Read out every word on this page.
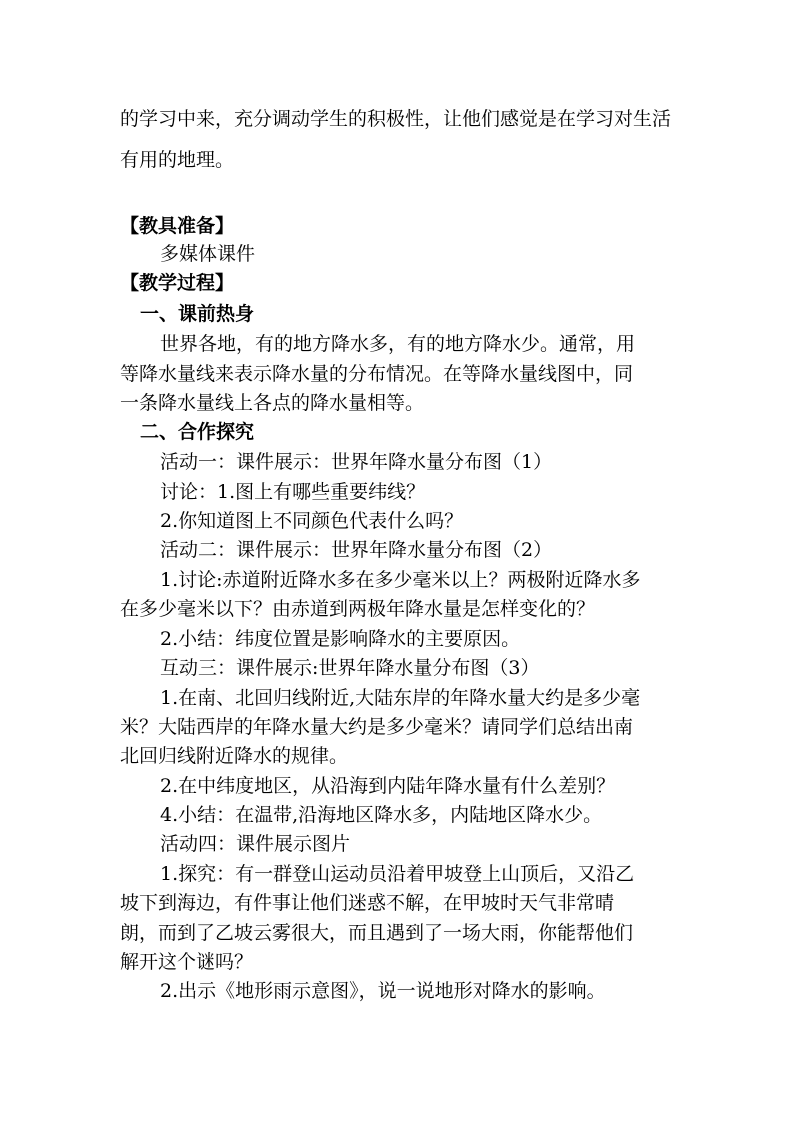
的学习中来，充分调动学生的积极性，让他们感觉是在学习对生活
有用的地理。
【教具准备】
多媒体课件
【教学过程】
一、课前热身
世界各地，有的地方降水多，有的地方降水少。通常，用
等降水量线来表示降水量的分布情况。在等降水量线图中，同
一条降水量线上各点的降水量相等。
二、合作探究
活动一：课件展示：世界年降水量分布图（1）
讨论：1.图上有哪些重要纬线？
2.你知道图上不同颜色代表什么吗？
活动二：课件展示：世界年降水量分布图（2）
1.讨论:赤道附近降水多在多少毫米以上？两极附近降水多
在多少毫米以下？由赤道到两极年降水量是怎样变化的？
2.小结：纬度位置是影响降水的主要原因。
互动三：课件展示:世界年降水量分布图（3）
1.在南、北回归线附近,大陆东岸的年降水量大约是多少毫
米？大陆西岸的年降水量大约是多少毫米？请同学们总结出南
北回归线附近降水的规律。
2.在中纬度地区，从沿海到内陆年降水量有什么差别？
4.小结：在温带,沿海地区降水多，内陆地区降水少。
活动四：课件展示图片
1.探究：有一群登山运动员沿着甲坡登上山顶后，又沿乙
坡下到海边，有件事让他们迷惑不解，在甲坡时天气非常晴
朗，而到了乙坡云雾很大，而且遇到了一场大雨，你能帮他们
解开这个谜吗？
2.出示《地形雨示意图》，说一说地形对降水的影响。
